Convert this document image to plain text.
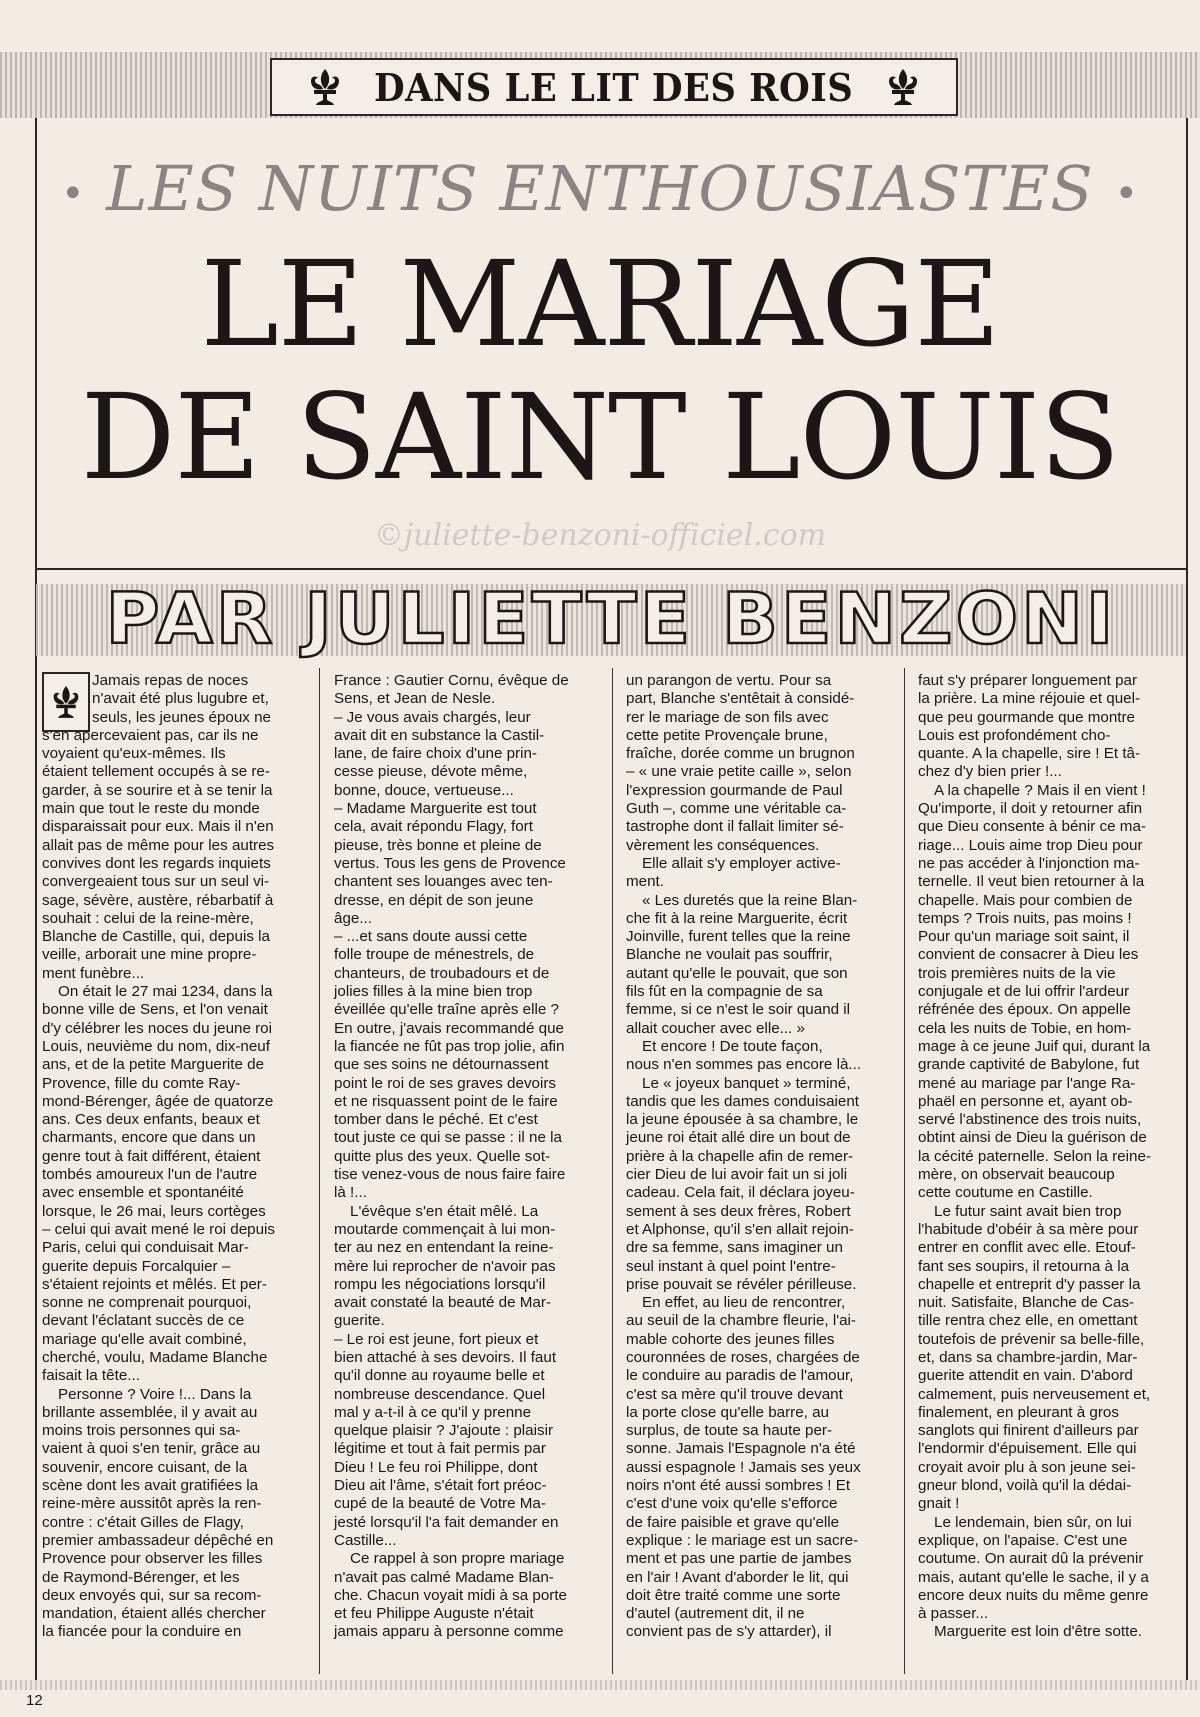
DANS LE LIT DES ROIS
• LES NUITS ENTHOUSIASTES •
LE MARIAGE
DE SAINT LOUIS
©juliette-benzoni-officiel.com
PAR JULIETTE BENZONI
Jamais repas de noces
n'avait été plus lugubre et,
seuls, les jeunes époux ne
s'en apercevaient pas, car ils ne
voyaient qu'eux-mêmes. Ils
étaient tellement occupés à se re-
garder, à se sourire et à se tenir la
main que tout le reste du monde
disparaissait pour eux. Mais il n'en
allait pas de même pour les autres
convives dont les regards inquiets
convergeaient tous sur un seul vi-
sage, sévère, austère, rébarbatif à
souhait : celui de la reine-mère,
Blanche de Castille, qui, depuis la
veille, arborait une mine propre-
ment funèbre...
On était le 27 mai 1234, dans la
bonne ville de Sens, et l'on venait
d'y célébrer les noces du jeune roi
Louis, neuvième du nom, dix-neuf
ans, et de la petite Marguerite de
Provence, fille du comte Ray-
mond-Bérenger, âgée de quatorze
ans. Ces deux enfants, beaux et
charmants, encore que dans un
genre tout à fait différent, étaient
tombés amoureux l'un de l'autre
avec ensemble et spontanéité
lorsque, le 26 mai, leurs cortèges
– celui qui avait mené le roi depuis
Paris, celui qui conduisait Mar-
guerite depuis Forcalquier –
s'étaient rejoints et mêlés. Et per-
sonne ne comprenait pourquoi,
devant l'éclatant succès de ce
mariage qu'elle avait combiné,
cherché, voulu, Madame Blanche
faisait la tête...
Personne ? Voire !... Dans la
brillante assemblée, il y avait au
moins trois personnes qui sa-
vaient à quoi s'en tenir, grâce au
souvenir, encore cuisant, de la
scène dont les avait gratifiées la
reine-mère aussitôt après la ren-
contre : c'était Gilles de Flagy,
premier ambassadeur dépêché en
Provence pour observer les filles
de Raymond-Bérenger, et les
deux envoyés qui, sur sa recom-
mandation, étaient allés chercher
la fiancée pour la conduire en
France : Gautier Cornu, évêque de
Sens, et Jean de Nesle.
– Je vous avais chargés, leur
avait dit en substance la Castil-
lane, de faire choix d'une prin-
cesse pieuse, dévote même,
bonne, douce, vertueuse...
– Madame Marguerite est tout
cela, avait répondu Flagy, fort
pieuse, très bonne et pleine de
vertus. Tous les gens de Provence
chantent ses louanges avec ten-
dresse, en dépit de son jeune
âge...
– ...et sans doute aussi cette
folle troupe de ménestrels, de
chanteurs, de troubadours et de
jolies filles à la mine bien trop
éveillée qu'elle traîne après elle ?
En outre, j'avais recommandé que
la fiancée ne fût pas trop jolie, afin
que ses soins ne détournassent
point le roi de ses graves devoirs
et ne risquassent point de le faire
tomber dans le péché. Et c'est
tout juste ce qui se passe : il ne la
quitte plus des yeux. Quelle sot-
tise venez-vous de nous faire faire
là !...
L'évêque s'en était mêlé. La
moutarde commençait à lui mon-
ter au nez en entendant la reine-
mère lui reprocher de n'avoir pas
rompu les négociations lorsqu'il
avait constaté la beauté de Mar-
guerite.
– Le roi est jeune, fort pieux et
bien attaché à ses devoirs. Il faut
qu'il donne au royaume belle et
nombreuse descendance. Quel
mal y a-t-il à ce qu'il y prenne
quelque plaisir ? J'ajoute : plaisir
légitime et tout à fait permis par
Dieu ! Le feu roi Philippe, dont
Dieu ait l'âme, s'était fort préoc-
cupé de la beauté de Votre Ma-
jesté lorsqu'il l'a fait demander en
Castille...
Ce rappel à son propre mariage
n'avait pas calmé Madame Blan-
che. Chacun voyait midi à sa porte
et feu Philippe Auguste n'était
jamais apparu à personne comme
un parangon de vertu. Pour sa
part, Blanche s'entêtait à considé-
rer le mariage de son fils avec
cette petite Provençale brune,
fraîche, dorée comme un brugnon
– « une vraie petite caille », selon
l'expression gourmande de Paul
Guth –, comme une véritable ca-
tastrophe dont il fallait limiter sé-
vèrement les conséquences.
Elle allait s'y employer active-
ment.
« Les duretés que la reine Blan-
che fit à la reine Marguerite, écrit
Joinville, furent telles que la reine
Blanche ne voulait pas souffrir,
autant qu'elle le pouvait, que son
fils fût en la compagnie de sa
femme, si ce n'est le soir quand il
allait coucher avec elle... »
Et encore ! De toute façon,
nous n'en sommes pas encore là...
Le « joyeux banquet » terminé,
tandis que les dames conduisaient
la jeune épousée à sa chambre, le
jeune roi était allé dire un bout de
prière à la chapelle afin de remer-
cier Dieu de lui avoir fait un si joli
cadeau. Cela fait, il déclara joyeu-
sement à ses deux frères, Robert
et Alphonse, qu'il s'en allait rejoin-
dre sa femme, sans imaginer un
seul instant à quel point l'entre-
prise pouvait se révéler périlleuse.
En effet, au lieu de rencontrer,
au seuil de la chambre fleurie, l'ai-
mable cohorte des jeunes filles
couronnées de roses, chargées de
le conduire au paradis de l'amour,
c'est sa mère qu'il trouve devant
la porte close qu'elle barre, au
surplus, de toute sa haute per-
sonne. Jamais l'Espagnole n'a été
aussi espagnole ! Jamais ses yeux
noirs n'ont été aussi sombres ! Et
c'est d'une voix qu'elle s'efforce
de faire paisible et grave qu'elle
explique : le mariage est un sacre-
ment et pas une partie de jambes
en l'air ! Avant d'aborder le lit, qui
doit être traité comme une sorte
d'autel (autrement dit, il ne
convient pas de s'y attarder), il
faut s'y préparer longuement par
la prière. La mine réjouie et quel-
que peu gourmande que montre
Louis est profondément cho-
quante. A la chapelle, sire ! Et tâ-
chez d'y bien prier !...
A la chapelle ? Mais il en vient !
Qu'importe, il doit y retourner afin
que Dieu consente à bénir ce ma-
riage... Louis aime trop Dieu pour
ne pas accéder à l'injonction ma-
ternelle. Il veut bien retourner à la
chapelle. Mais pour combien de
temps ? Trois nuits, pas moins !
Pour qu'un mariage soit saint, il
convient de consacrer à Dieu les
trois premières nuits de la vie
conjugale et de lui offrir l'ardeur
réfrénée des époux. On appelle
cela les nuits de Tobie, en hom-
mage à ce jeune Juif qui, durant la
grande captivité de Babylone, fut
mené au mariage par l'ange Ra-
phaël en personne et, ayant ob-
servé l'abstinence des trois nuits,
obtint ainsi de Dieu la guérison de
la cécité paternelle. Selon la reine-
mère, on observait beaucoup
cette coutume en Castille.
Le futur saint avait bien trop
l'habitude d'obéir à sa mère pour
entrer en conflit avec elle. Etouf-
fant ses soupirs, il retourna à la
chapelle et entreprit d'y passer la
nuit. Satisfaite, Blanche de Cas-
tille rentra chez elle, en omettant
toutefois de prévenir sa belle-fille,
et, dans sa chambre-jardin, Mar-
guerite attendit en vain. D'abord
calmement, puis nerveusement et,
finalement, en pleurant à gros
sanglots qui finirent d'ailleurs par
l'endormir d'épuisement. Elle qui
croyait avoir plu à son jeune sei-
gneur blond, voilà qu'il la dédai-
gnait !
Le lendemain, bien sûr, on lui
explique, on l'apaise. C'est une
coutume. On aurait dû la prévenir
mais, autant qu'elle le sache, il y a
encore deux nuits du même genre
à passer...
Marguerite est loin d'être sotte.
12
